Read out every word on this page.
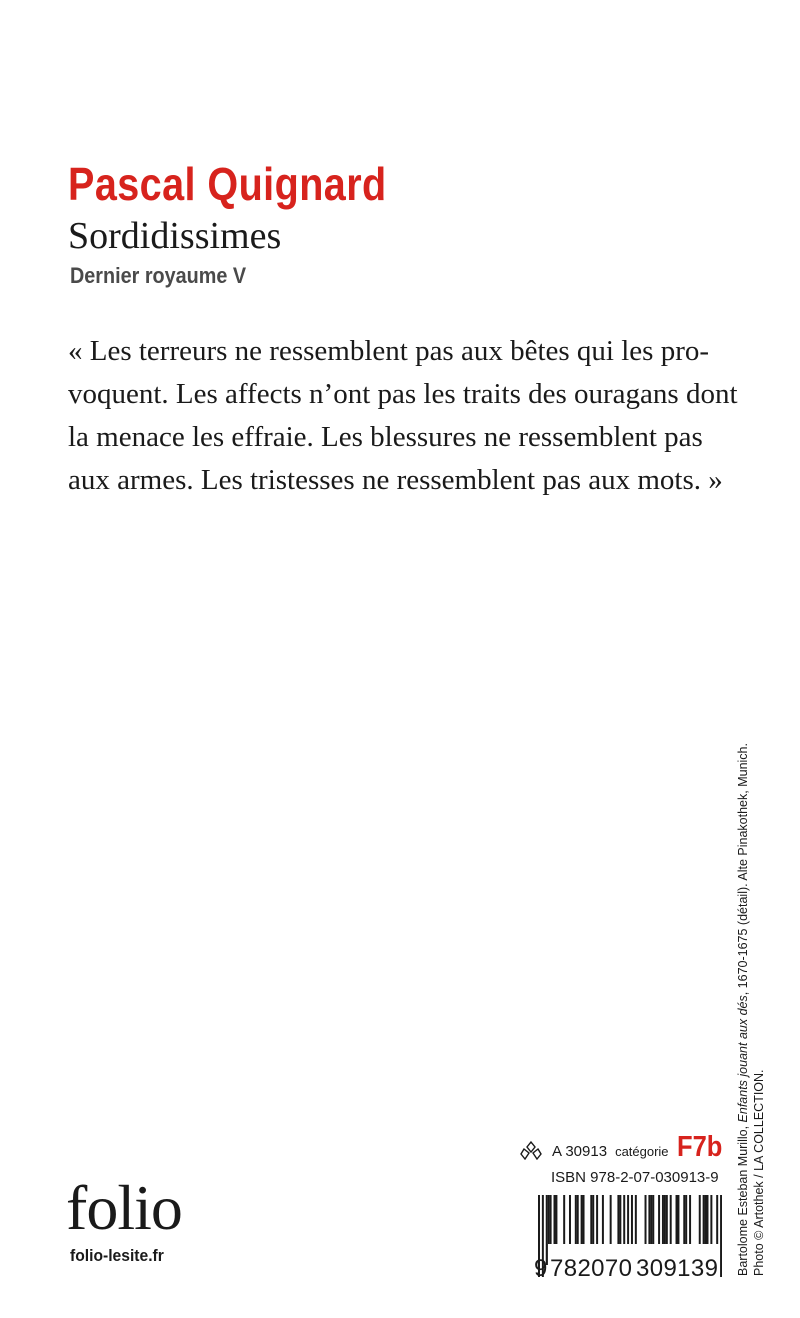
Pascal Quignard
Sordidissimes

Dernier royaume V

« Les terreurs ne ressemblent pas aux bêtes qui les pro-
voquent. Les affects n’ont pas les traits des ouragans dont
la menace les effraie. Les blessures ne ressemblent pas
aux armes. Les tristesses ne ressemblent pas aux mots. »
Bartolome Esteban Murillo, Enfants jouant aux dés, 1670-1675 (détail). Alte Pinakothek, Munich.
Photo © Artothek / LA COLLECTION.
folio
folio-lesite.fr
A 30913 catégorie F7b
ISBN 978-2-07-030913-9
9 782070 309139
